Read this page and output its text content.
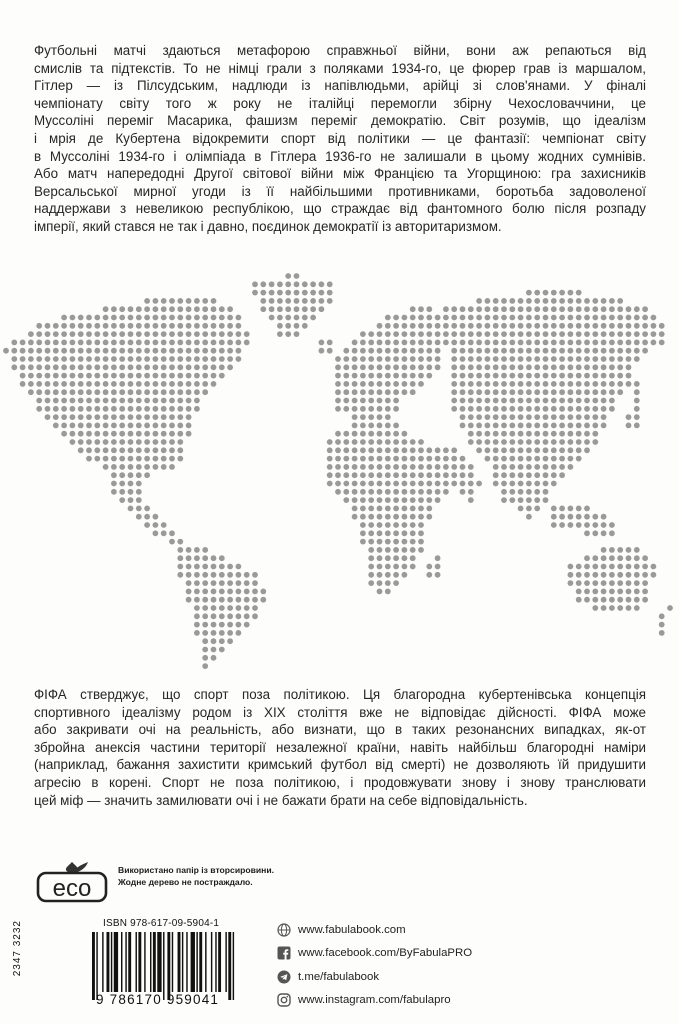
Футбольні матчі здаються метафорою справжньої війни, вони аж репаються від
смислів та підтекстів. То не німці грали з поляками 1934-го, це фюрер грав із маршалом,
Гітлер — із Пілсудським, надлюди із напівлюдьми, арійці зі слов'янами. У фіналі
чемпіонату світу того ж року не італійці перемогли збірну Чехословаччини, це
Муссоліні переміг Масарика, фашизм переміг демократію. Світ розумів, що ідеалізм
і мрія де Кубертена відокремити спорт від політики — це фантазії: чемпіонат світу
в Муссоліні 1934-го і олімпіада в Гітлера 1936-го не залишали в цьому жодних сумнівів.
Або матч напередодні Другої світової війни між Францією та Угорщиною: гра захисників
Версальської мирної угоди із її найбільшими противниками, боротьба задоволеної
наддержави з невеликою республікою, що страждає від фантомного болю після розпаду
імперії, який стався не так і давно, поєдинок демократії із авторитаризмом.
ФІФА стверджує, що спорт поза політикою. Ця благородна кубертенівська концепція
спортивного ідеалізму родом із ХІХ століття вже не відповідає дійсності. ФІФА може
або закривати очі на реальність, або визнати, що в таких резонансних випадках, як-от
збройна анексія частини території незалежної країни, навіть найбільш благородні наміри
(наприклад, бажання захистити кримський футбол від смерті) не дозволяють їй придушити
агресію в корені. Спорт не поза політикою, і продовжувати знову і знову транслювати
цей міф — значить замилювати очі і не бажати брати на себе відповідальність.
eco
Використано папір із вторсировини.
Жодне дерево не постраждало.
2347 3232	ISBN 978-617-09-5904-1
9 786170 959041
www.fabulabook.com
www.facebook.com/ByFabulaPRO
t.me/fabulabook
www.instagram.com/fabulapro
